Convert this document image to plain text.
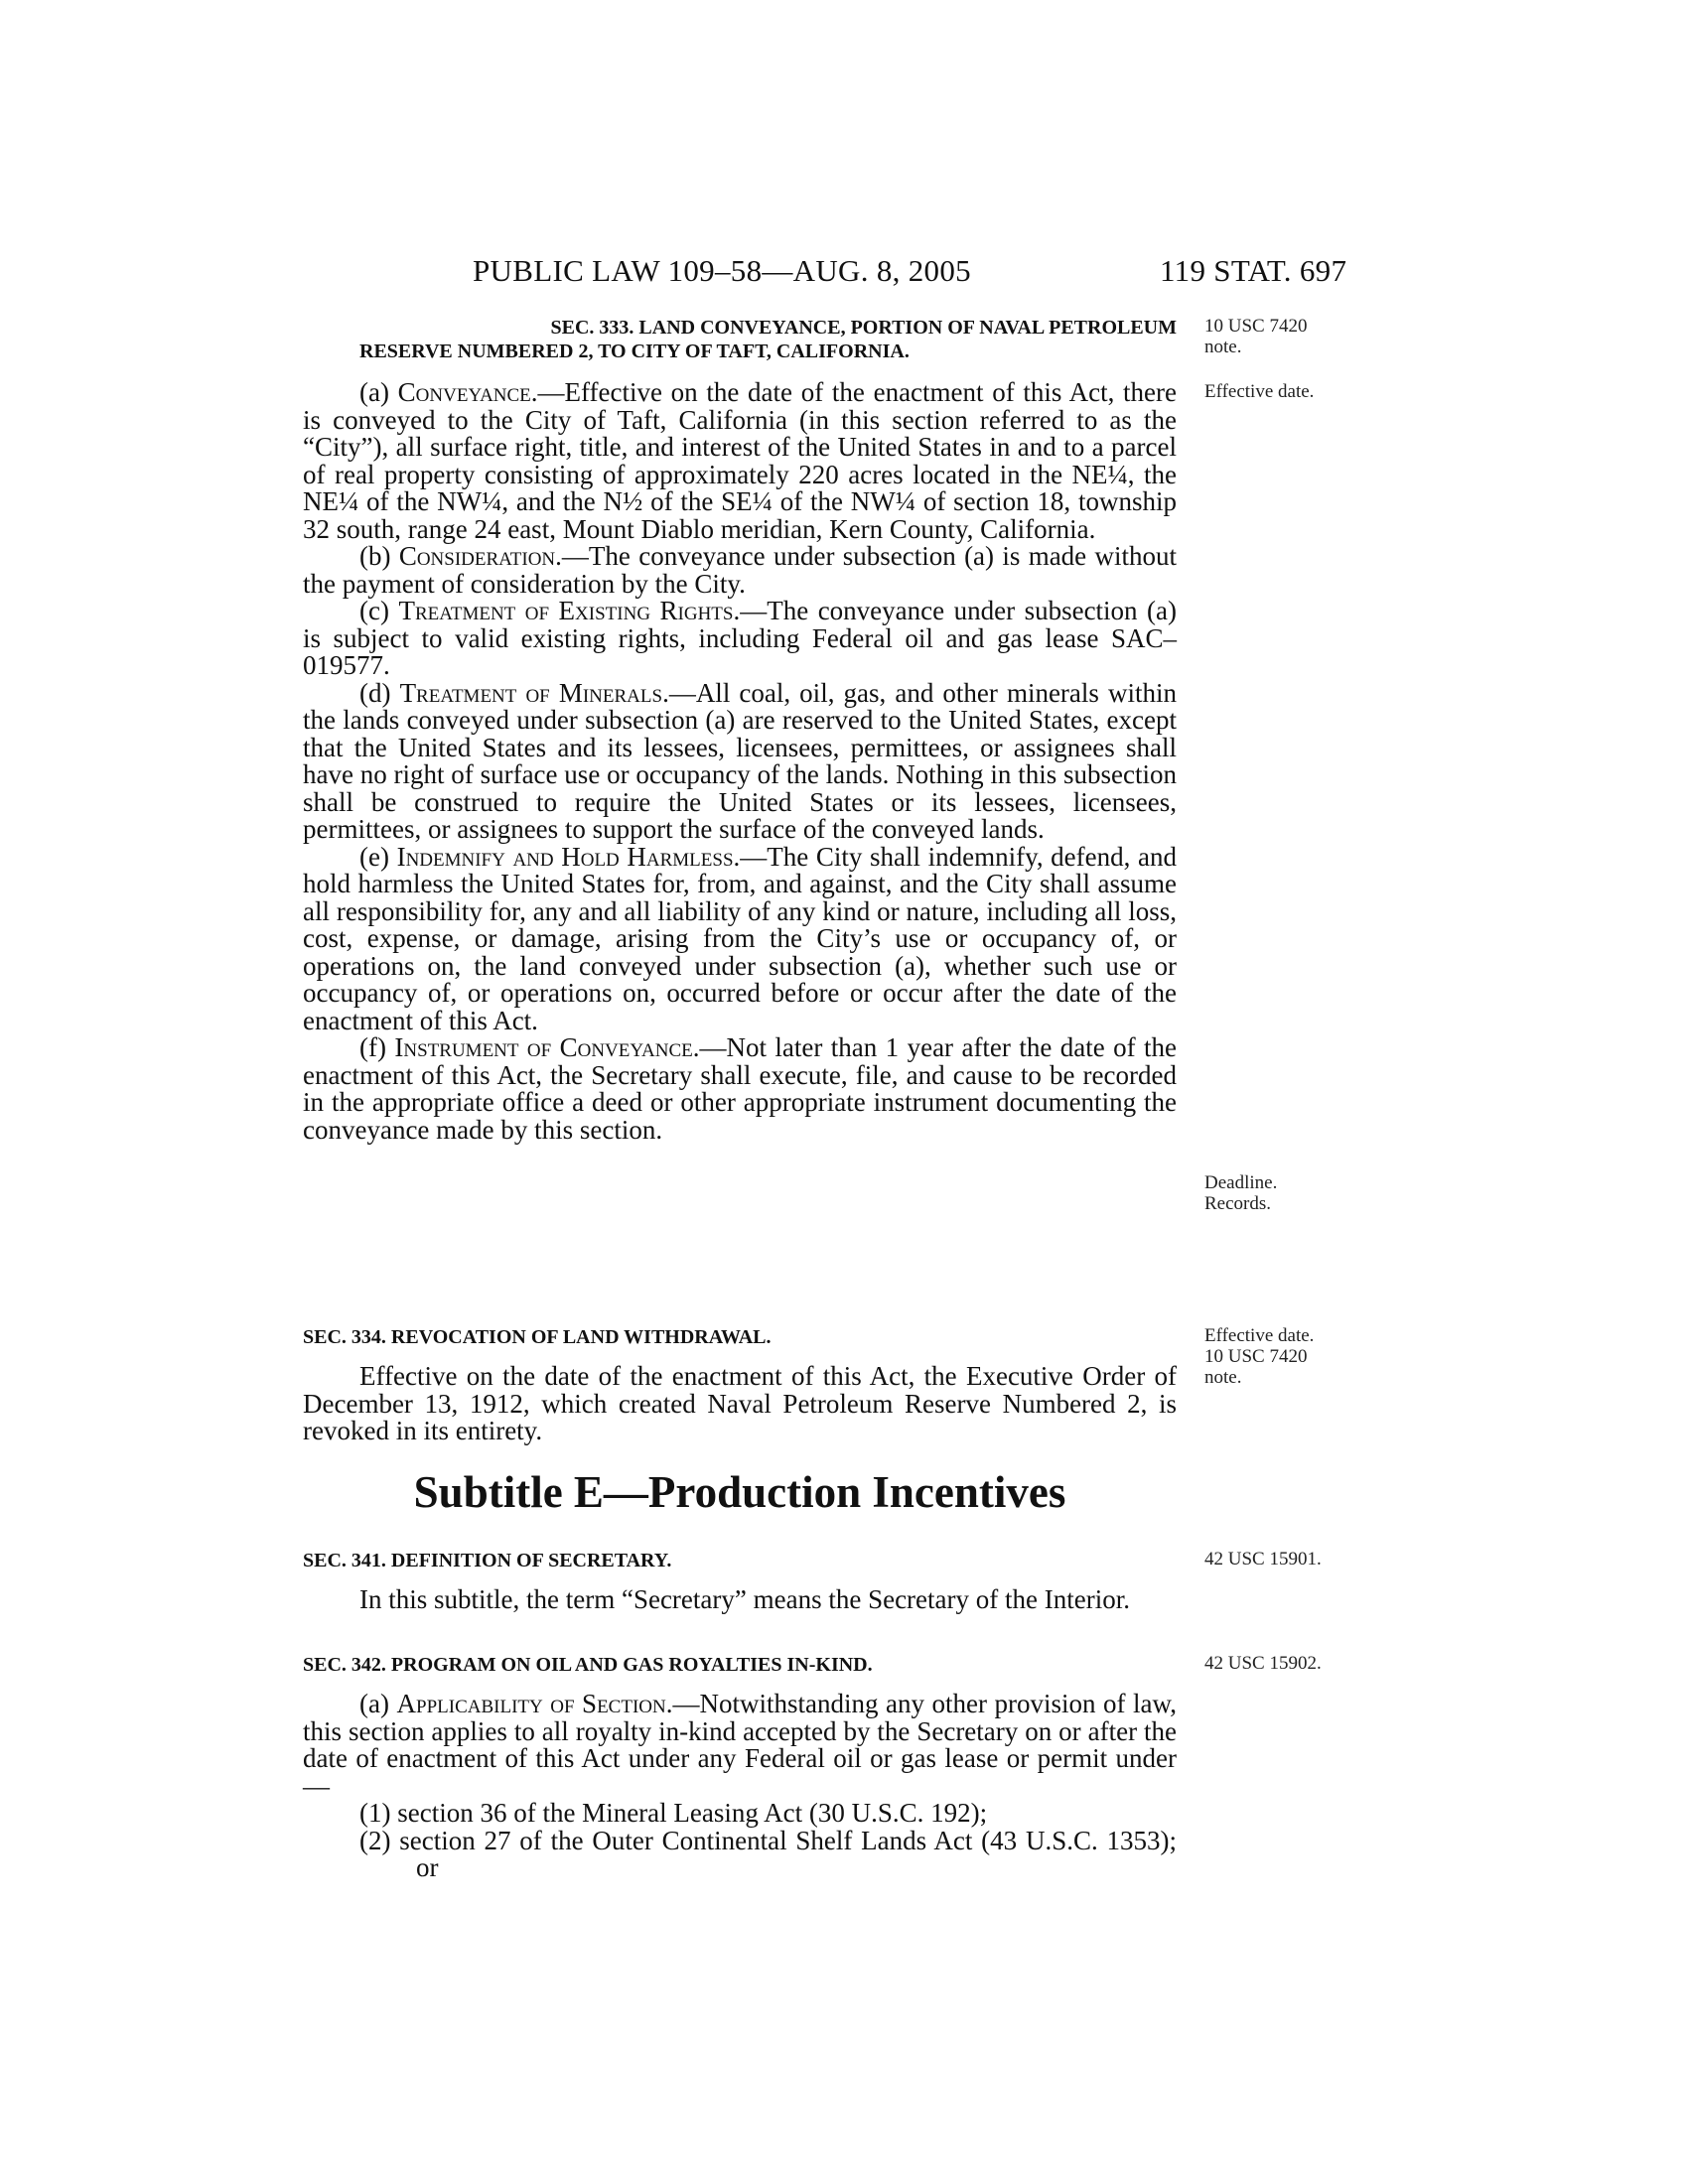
PUBLIC LAW 109–58—AUG. 8, 2005	119 STAT. 697

SEC. 333. LAND CONVEYANCE, PORTION OF NAVAL PETROLEUM

RESERVE NUMBERED 2, TO CITY OF TAFT, CALIFORNIA.

(a) Conveyance.—Effective on the date of the enactment of this Act, there is conveyed to the City of Taft, California (in this section referred to as the “City”), all surface right, title, and interest of the United States in and to a parcel of real property consisting of approximately 220 acres located in the NE¼, the NE¼ of the NW¼, and the N½ of the SE¼ of the NW¼ of section 18, township 32 south, range 24 east, Mount Diablo meridian, Kern County, California.

(b) Consideration.—The conveyance under subsection (a) is made without the payment of consideration by the City.

(c) Treatment of Existing Rights.—The conveyance under subsection (a) is subject to valid existing rights, including Federal oil and gas lease SAC–019577.

(d) Treatment of Minerals.—All coal, oil, gas, and other minerals within the lands conveyed under subsection (a) are reserved to the United States, except that the United States and its lessees, licensees, permittees, or assignees shall have no right of surface use or occupancy of the lands. Nothing in this subsection shall be construed to require the United States or its lessees, licensees, permittees, or assignees to support the surface of the conveyed lands.

(e) Indemnify and Hold Harmless.—The City shall indemnify, defend, and hold harmless the United States for, from, and against, and the City shall assume all responsibility for, any and all liability of any kind or nature, including all loss, cost, expense, or damage, arising from the City’s use or occupancy of, or operations on, the land conveyed under subsection (a), whether such use or occupancy of, or operations on, occurred before or occur after the date of the enactment of this Act.

(f) Instrument of Conveyance.—Not later than 1 year after the date of the enactment of this Act, the Secretary shall execute, file, and cause to be recorded in the appropriate office a deed or other appropriate instrument documenting the conveyance made by this section.

SEC. 334. REVOCATION OF LAND WITHDRAWAL.

Effective on the date of the enactment of this Act, the Executive Order of December 13, 1912, which created Naval Petroleum Reserve Numbered 2, is revoked in its entirety.

Subtitle E—Production Incentives

SEC. 341. DEFINITION OF SECRETARY.

In this subtitle, the term “Secretary” means the Secretary of the Interior.

SEC. 342. PROGRAM ON OIL AND GAS ROYALTIES IN-KIND.

(a) Applicability of Section.—Notwithstanding any other provision of law, this section applies to all royalty in-kind accepted by the Secretary on or after the date of enactment of this Act under any Federal oil or gas lease or permit under—

(1) section 36 of the Mineral Leasing Act (30 U.S.C. 192);

(2) section 27 of the Outer Continental Shelf Lands Act (43 U.S.C. 1353); or

10 USC 7420
note.
Effective date.
Deadline.
Records.
Effective date.
10 USC 7420
note.
42 USC 15901.
42 USC 15902.
